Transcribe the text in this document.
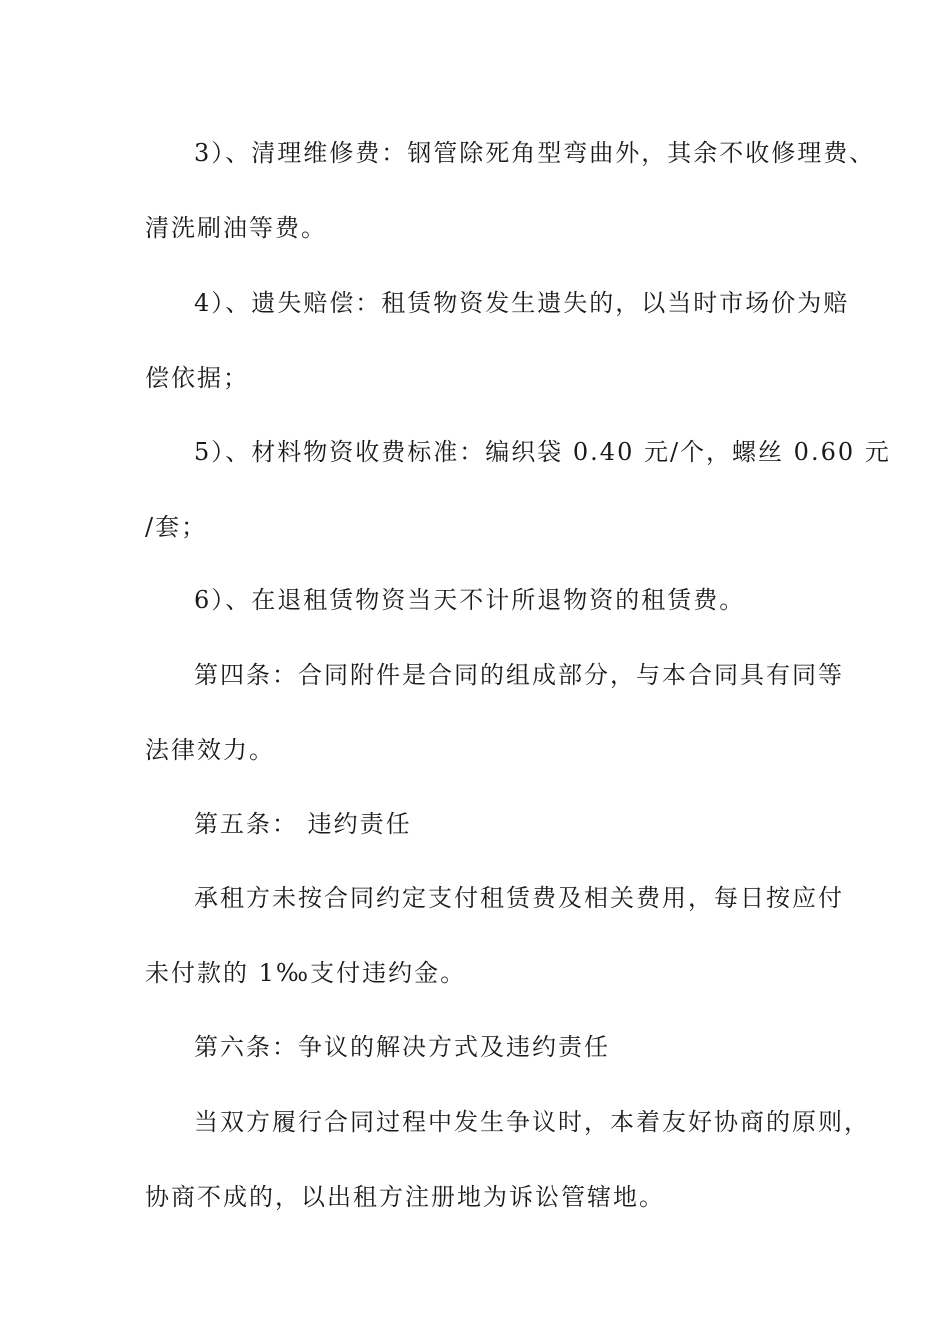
3）、清理维修费：钢管除死角型弯曲外，其余不收修理费、
清洗刷油等费。
4）、遗失赔偿：租赁物资发生遗失的，以当时市场价为赔
偿依据；
5）、材料物资收费标准：编织袋 0.40 元/个，螺丝 0.60 元
/套；
6）、在退租赁物资当天不计所退物资的租赁费。
第四条：合同附件是合同的组成部分，与本合同具有同等
法律效力。
第五条： 违约责任
承租方未按合同约定支付租赁费及相关费用，每日按应付
未付款的 1‰支付违约金。
第六条：争议的解决方式及违约责任
当双方履行合同过程中发生争议时，本着友好协商的原则，
协商不成的，以出租方注册地为诉讼管辖地。
